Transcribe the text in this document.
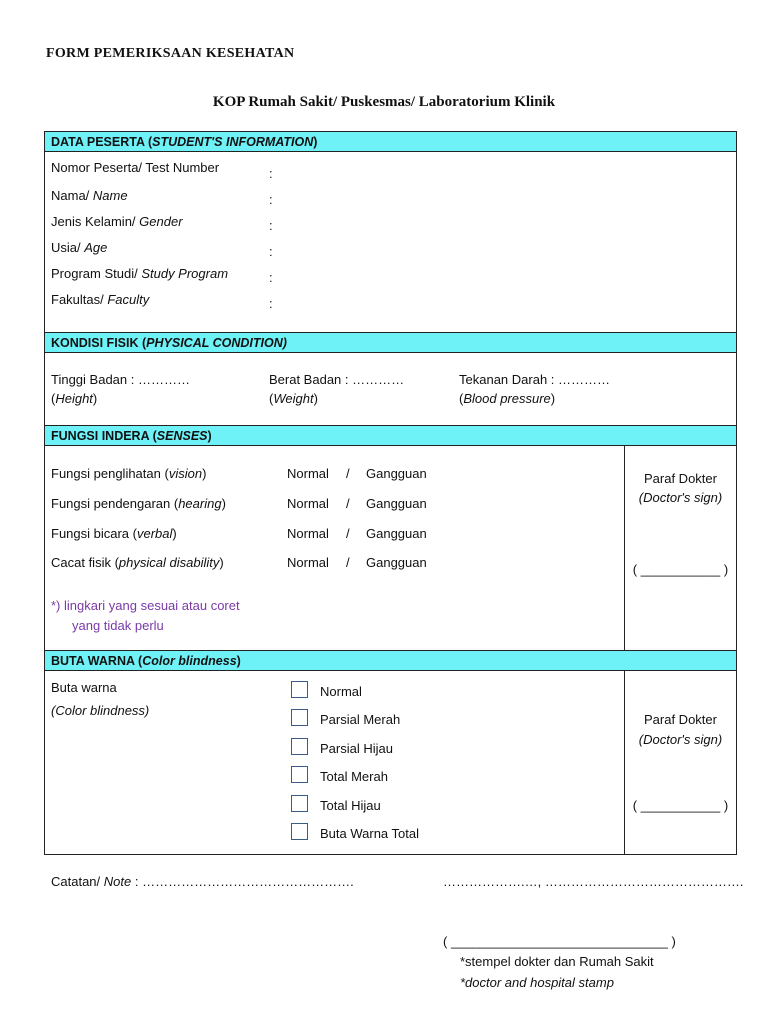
FORM PEMERIKSAAN KESEHATAN
KOP Rumah Sakit/ Puskesmas/ Laboratorium Klinik
DATA PESERTA (STUDENT'S INFORMATION)
Nomor Peserta/ Test Number
Nama/ Name
Jenis Kelamin/ Gender
Usia/ Age
Program Studi/ Study Program
Fakultas/ Faculty
:
:
:
:
:
:
KONDISI FISIK (PHYSICAL CONDITION)
Tinggi Badan : …………
(Height)
Berat Badan : …………
(Weight)
Tekanan Darah : …………
(Blood pressure)
FUNGSI INDERA (SENSES)
Fungsi penglihatan (vision)
Fungsi pendengaran (hearing)
Fungsi bicara (verbal)
Cacat fisik (physical disability)
Normal / Gangguan
Normal / Gangguan
Normal / Gangguan
Normal / Gangguan
*) lingkari yang sesuai atau coret
yang tidak perlu
Paraf Dokter
(Doctor's sign)
( ___________ )
BUTA WARNA (Color blindness)
Buta warna
(Color blindness)
Normal
Parsial Merah
Parsial Hijau
Total Merah
Total Hijau
Buta Warna Total
Paraf Dokter
(Doctor's sign)
( ___________ )
Catatan/ Note : ………………………………………….	……………….…, ……………………………………….
( ______________________________ )
*stempel dokter dan Rumah Sakit
*doctor and hospital stamp
